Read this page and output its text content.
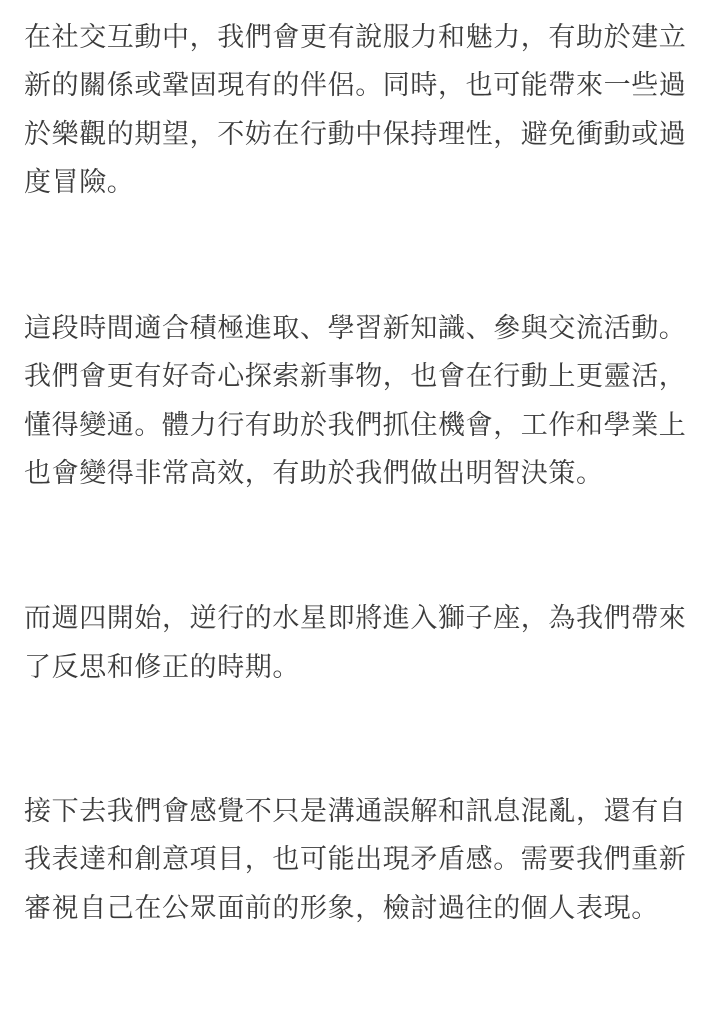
在社交互動中，我們會更有說服力和魅力，有助於建立新的關係或鞏固現有的伴侶。同時，也可能帶來一些過於樂觀的期望，不妨在行動中保持理性，避免衝動或過度冒險。

這段時間適合積極進取、學習新知識、參與交流活動。我們會更有好奇心探索新事物，也會在行動上更靈活，懂得變通。體力行有助於我們抓住機會，工作和學業上也會變得非常高效，有助於我們做出明智決策。

而週四開始，逆行的水星即將進入獅子座，為我們帶來了反思和修正的時期。

接下去我們會感覺不只是溝通誤解和訊息混亂，還有自我表達和創意項目，也可能出現矛盾感。需要我們重新審視自己在公眾面前的形象，檢討過往的個人表現。
